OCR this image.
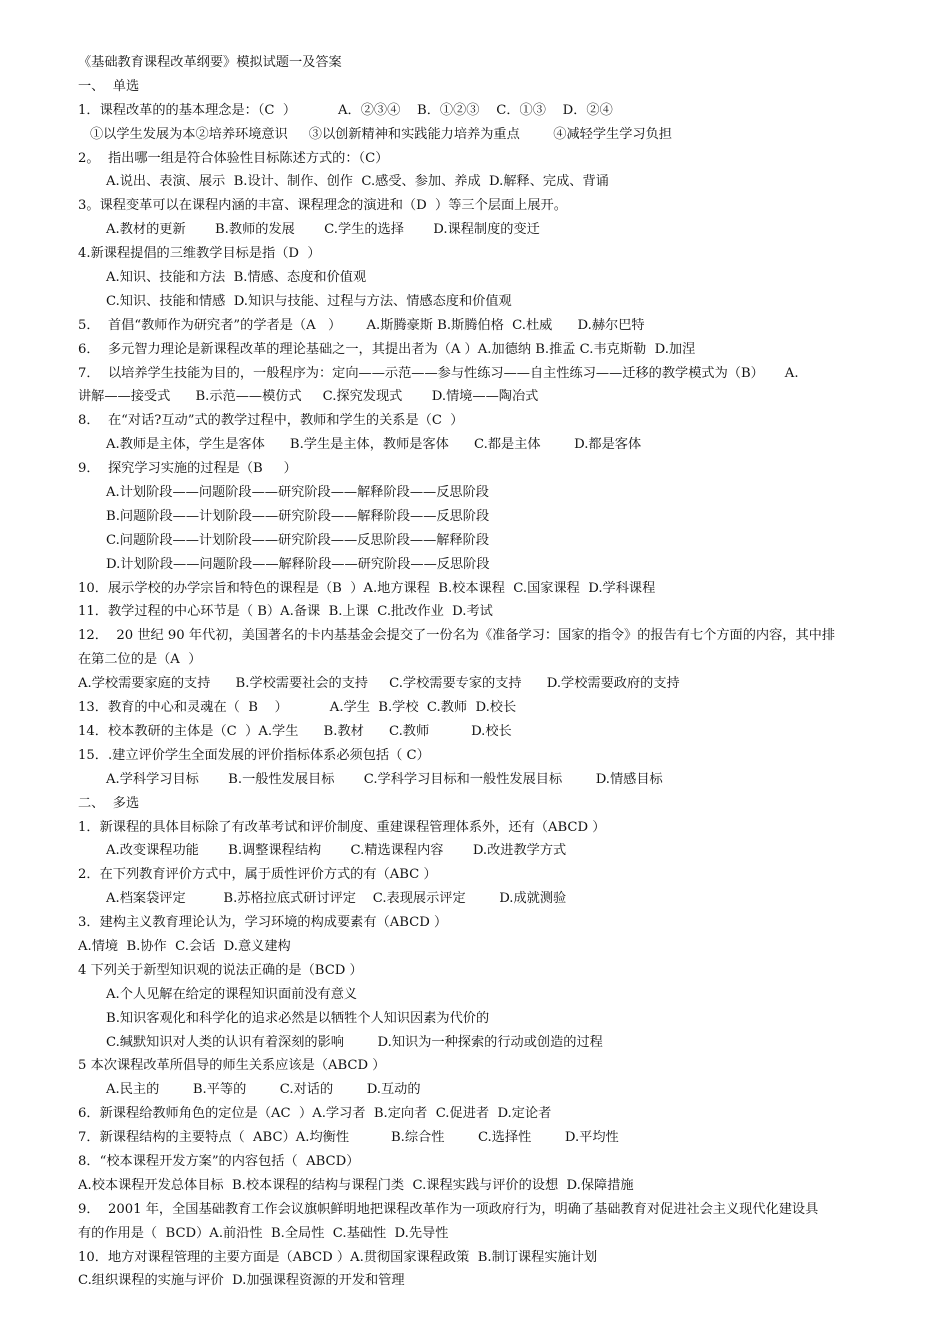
《基础教育课程改革纲要》模拟试题一及答案
一、  单选
1．课程改革的的基本理念是：（C  ）          A．②③④    B．①②③    C．①③    D．②④
①以学生发展为本②培养环境意识     ③以创新精神和实践能力培养为重点        ④减轻学生学习负担
2。  指出哪一组是符合体验性目标陈述方式的：（C）
A.说出、表演、展示  B.设计、制作、创作  C.感受、参加、养成  D.解释、完成、背诵
3。课程变革可以在课程内涵的丰富、课程理念的演进和（D  ）等三个层面上展开。
A.教材的更新       B.教师的发展       C.学生的选择       D.课程制度的变迁
4.新课程提倡的三维教学目标是指（D  ）
A.知识、技能和方法  B.情感、态度和价值观
C.知识、技能和情感  D.知识与技能、过程与方法、情感态度和价值观
5．  首倡“教师作为研究者”的学者是（A   ）      A.斯腾豪斯 B.斯腾伯格  C.杜威      D.赫尔巴特
6．  多元智力理论是新课程改革的理论基础之一，其提出者为（A ）A.加德纳 B.推孟 C.韦克斯勒  D.加涅
7．  以培养学生技能为目的，一般程序为：定向——示范——参与性练习——自主性练习——迁移的教学模式为（B）     A.
讲解——接受式      B.示范——模仿式     C.探究发现式       D.情境——陶冶式
8．  在“对话?互动”式的教学过程中，教师和学生的关系是（C  ）
A.教师是主体，学生是客体      B.学生是主体，教师是客体      C.都是主体        D.都是客体
9．  探究学习实施的过程是（B     ）
A.计划阶段——问题阶段——研究阶段——解释阶段——反思阶段
B.问题阶段——计划阶段——研究阶段——解释阶段——反思阶段
C.问题阶段——计划阶段——研究阶段——反思阶段——解释阶段
D.计划阶段——问题阶段——解释阶段——研究阶段——反思阶段
10．展示学校的办学宗旨和特色的课程是（B  ）A.地方课程  B.校本课程  C.国家课程  D.学科课程
11．教学过程的中心环节是（ B）A.备课  B.上课  C.批改作业  D.考试
12．  20 世纪 90 年代初，美国著名的卡内基基金会提交了一份名为《准备学习：国家的指令》的报告有七个方面的内容，其中排
在第二位的是（A  ）
A.学校需要家庭的支持      B.学校需要社会的支持     C.学校需要专家的支持      D.学校需要政府的支持
13．教育的中心和灵魂在（  B    ）          A.学生  B.学校  C.教师  D.校长
14．校本教研的主体是（C  ）A.学生      B.教材      C.教师          D.校长
15．.建立评价学生全面发展的评价指标体系必须包括（ C）
A.学科学习目标       B.一般性发展目标       C.学科学习目标和一般性发展目标        D.情感目标
二、  多选
1．新课程的具体目标除了有改革考试和评价制度、重建课程管理体系外，还有（ABCD ）
A.改变课程功能       B.调整课程结构       C.精选课程内容       D.改进教学方式
2．在下列教育评价方式中，属于质性评价方式的有（ABC ）
A.档案袋评定         B.苏格拉底式研讨评定    C.表现展示评定        D.成就测验
3．建构主义教育理论认为，学习环境的构成要素有（ABCD ）
A.情境  B.协作  C.会话  D.意义建构
4 下列关于新型知识观的说法正确的是（BCD ）
A.个人见解在给定的课程知识面前没有意义
B.知识客观化和科学化的追求必然是以牺牲个人知识因素为代价的
C.缄默知识对人类的认识有着深刻的影响        D.知识为一种探索的行动或创造的过程
5 本次课程改革所倡导的师生关系应该是（ABCD ）
A.民主的        B.平等的        C.对话的        D.互动的
6．新课程给教师角色的定位是（AC  ）A.学习者  B.定向者  C.促进者  D.定论者
7．新课程结构的主要特点（  ABC）A.均衡性          B.综合性        C.选择性        D.平均性
8．“校本课程开发方案”的内容包括（  ABCD）
A.校本课程开发总体目标  B.校本课程的结构与课程门类  C.课程实践与评价的设想  D.保障措施
9．  2001 年，全国基础教育工作会议旗帜鲜明地把课程改革作为一项政府行为，明确了基础教育对促进社会主义现代化建设具
有的作用是（  BCD）A.前沿性  B.全局性  C.基础性  D.先导性
10．地方对课程管理的主要方面是（ABCD ）A.贯彻国家课程政策  B.制订课程实施计划
C.组织课程的实施与评价  D.加强课程资源的开发和管理
